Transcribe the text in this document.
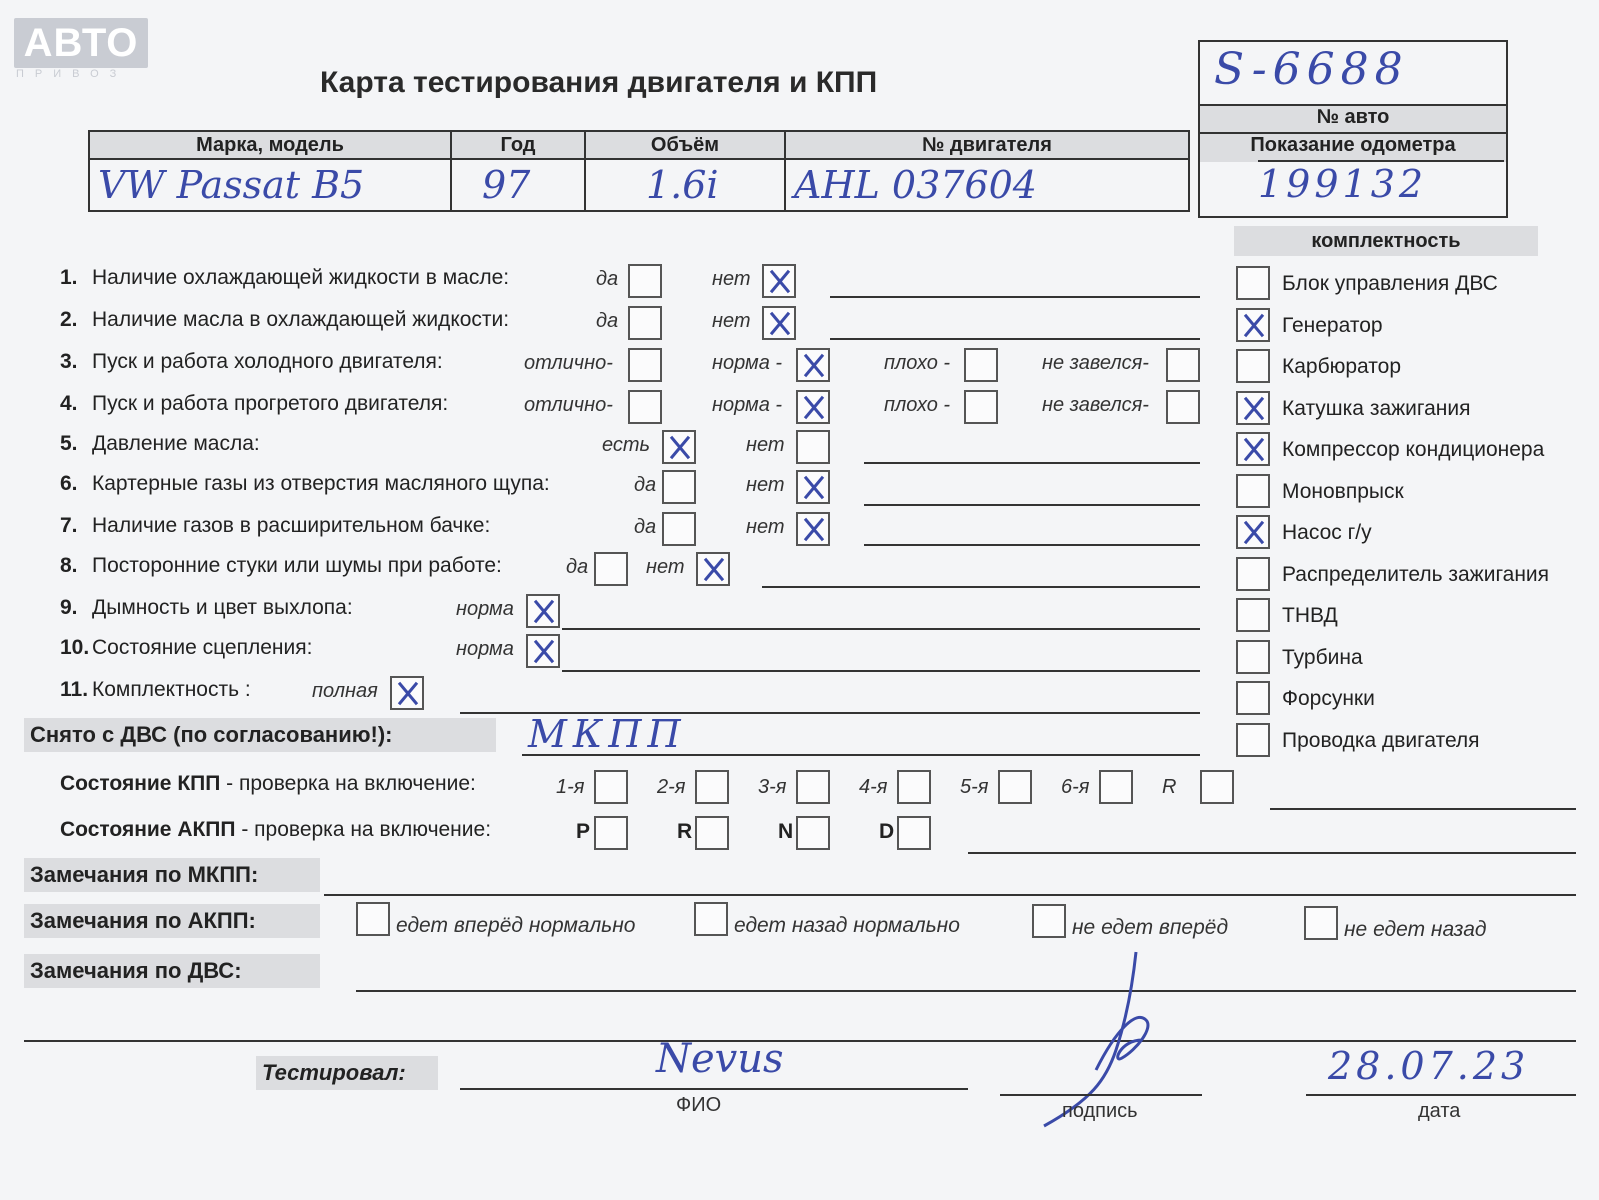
АВТО
ПРИВОЗ	Карта тестирования двигателя и КПП	S-6688
№ авто
Показание одометра
199132
Марка, модель	Год	Объём	№ двигателя
VW Passat B5	97	1.6i	AHL 037604
1. Наличие охлаждающей жидкости в масле:	да	нет
2. Наличие масла в охлаждающей жидкости:	да	нет
3. Пуск и работа холодного двигателя:	отлично-	норма -	плохо -	не завелся-
4. Пуск и работа прогретого двигателя:	отлично-	норма -	плохо -	не завелся-
5. Давление масла:	есть	нет
6. Картерные газы из отверстия масляного щупа:	да	нет
7. Наличие газов в расширительном бачке:	да	нет
8. Посторонние стуки или шумы при работе:	да	нет
9. Дымность и цвет выхлопа:	норма
10. Состояние сцепления:	норма
11. Комплектность :	полная
комплектность
Блок управления ДВС
Генератор
Карбюратор
Катушка зажигания
Компрессор кондиционера
Моновпрыск
Насос г/у
Распределитель зажигания
ТНВД
Турбина
Форсунки
Проводка двигателя
Снято с ДВС (по согласованию!):	МКПП
Состояние КПП - проверка на включение:	1-я	2-я	3-я	4-я	5-я	6-я	R
Состояние АКПП - проверка на включение:	P	R	N	D
Замечания по МКПП:
Замечания по АКПП:	едет вперёд нормально	едет назад нормально	не едет вперёд	не едет назад
Замечания по ДВС:
Тестировал:	Nevus
ФИО	подпись
28.07.23
дата
